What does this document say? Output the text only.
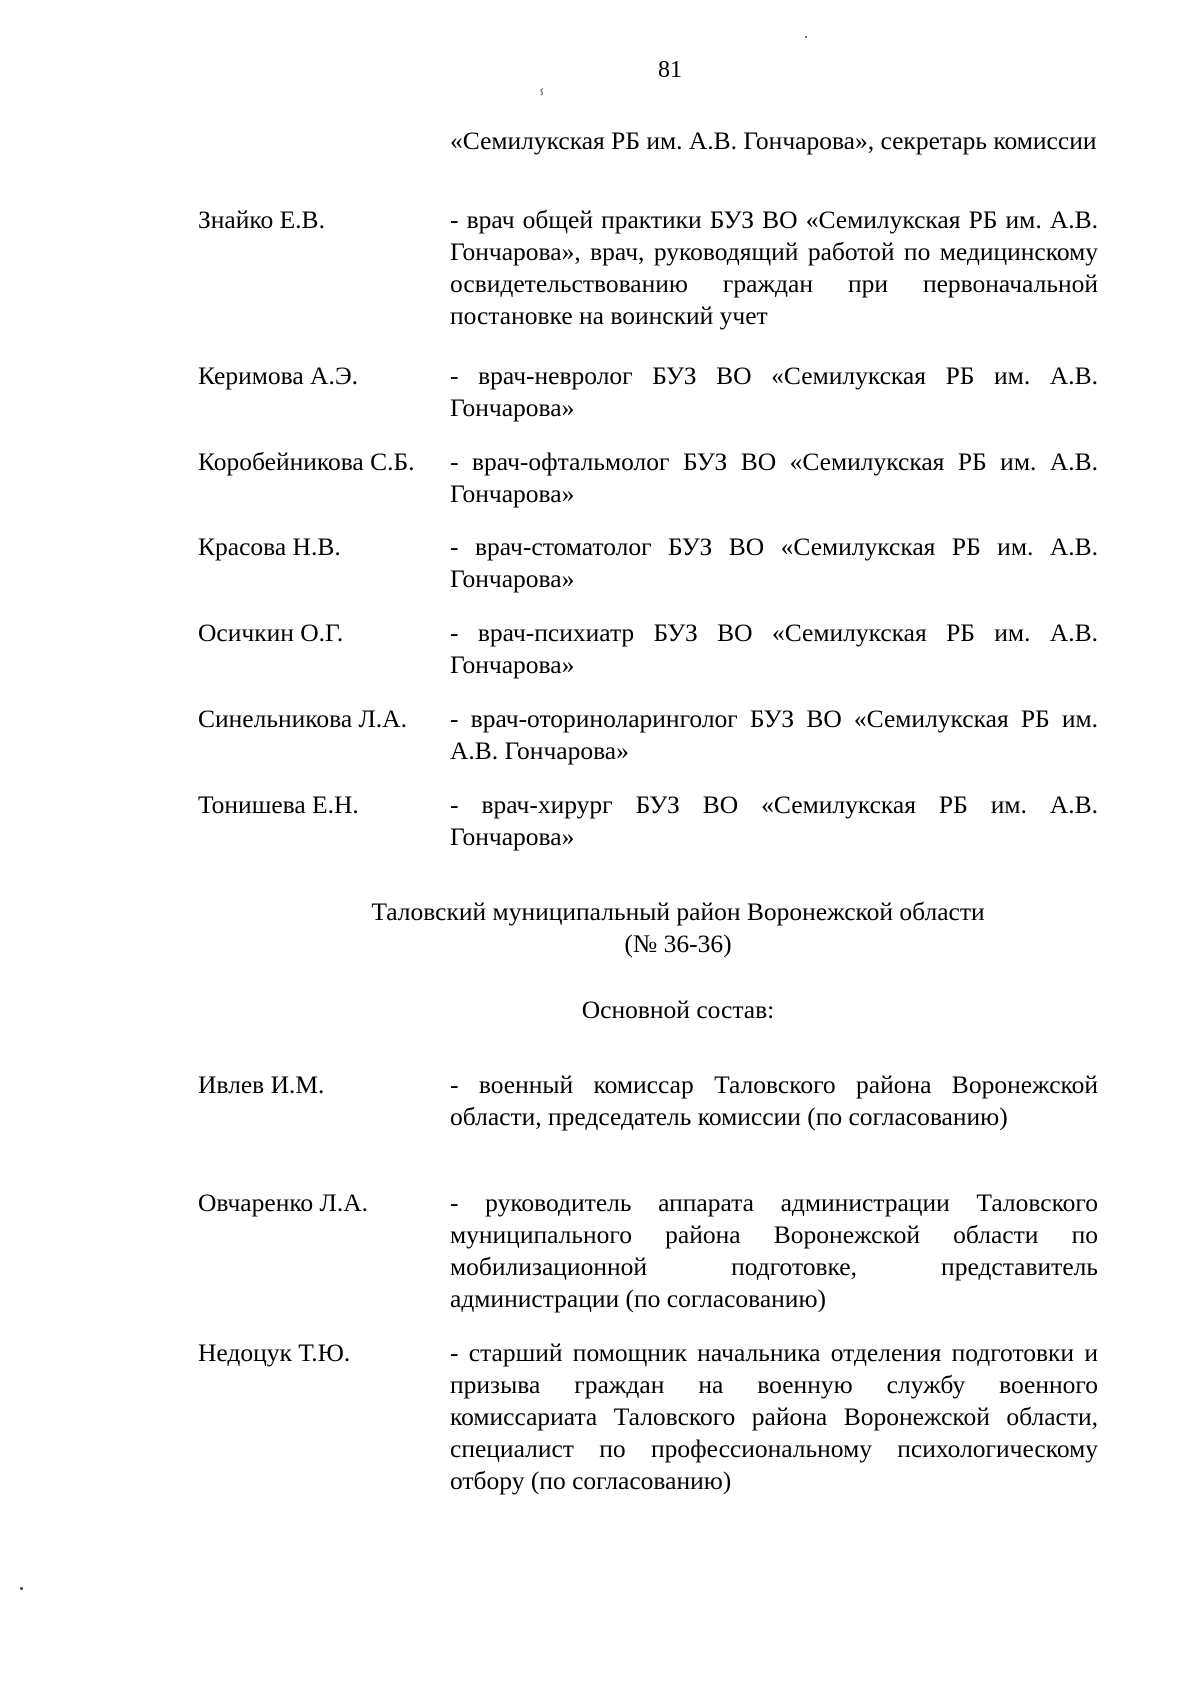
81
ⸯ
«Семилукская РБ им. А.В. Гончарова», секретарь комиссии
Знайко Е.В.	- врач общей практики БУЗ ВО «Семилукская РБ им. А.В. Гончарова», врач, руководящий работой по медицинскому освидетельствованию граждан при первоначальной постановке на воинский учет
Керимова А.Э.	- врач-невролог БУЗ ВО «Семилукская РБ им. А.В. Гончарова»
Коробейникова С.Б.	- врач-офтальмолог БУЗ ВО «Семилукская РБ им. А.В. Гончарова»
Красова Н.В.	- врач-стоматолог БУЗ ВО «Семилукская РБ им. А.В. Гончарова»
Осичкин О.Г.	- врач-психиатр БУЗ ВО «Семилукская РБ им. А.В. Гончарова»
Синельникова Л.А.	- врач-оториноларинголог БУЗ ВО «Семилукская РБ им. А.В. Гончарова»
Тонишева Е.Н.	- врач-хирург БУЗ ВО «Семилукская РБ им. А.В. Гончарова»
Таловский муниципальный район Воронежской области
(№ 36-36)
Основной состав:
Ивлев И.М.	- военный комиссар Таловского района Воронежской области, председатель комиссии (по согласованию)
Овчаренко Л.А.	- руководитель аппарата администрации Таловского муниципального района Воронежской области по мобилизационной подготовке, представитель администрации (по согласованию)
Недоцук Т.Ю.	- старший помощник начальника отделения подготовки и призыва граждан на военную службу военного комиссариата Таловского района Воронежской области, специалист по профессиональному психологическому отбору (по согласованию)
